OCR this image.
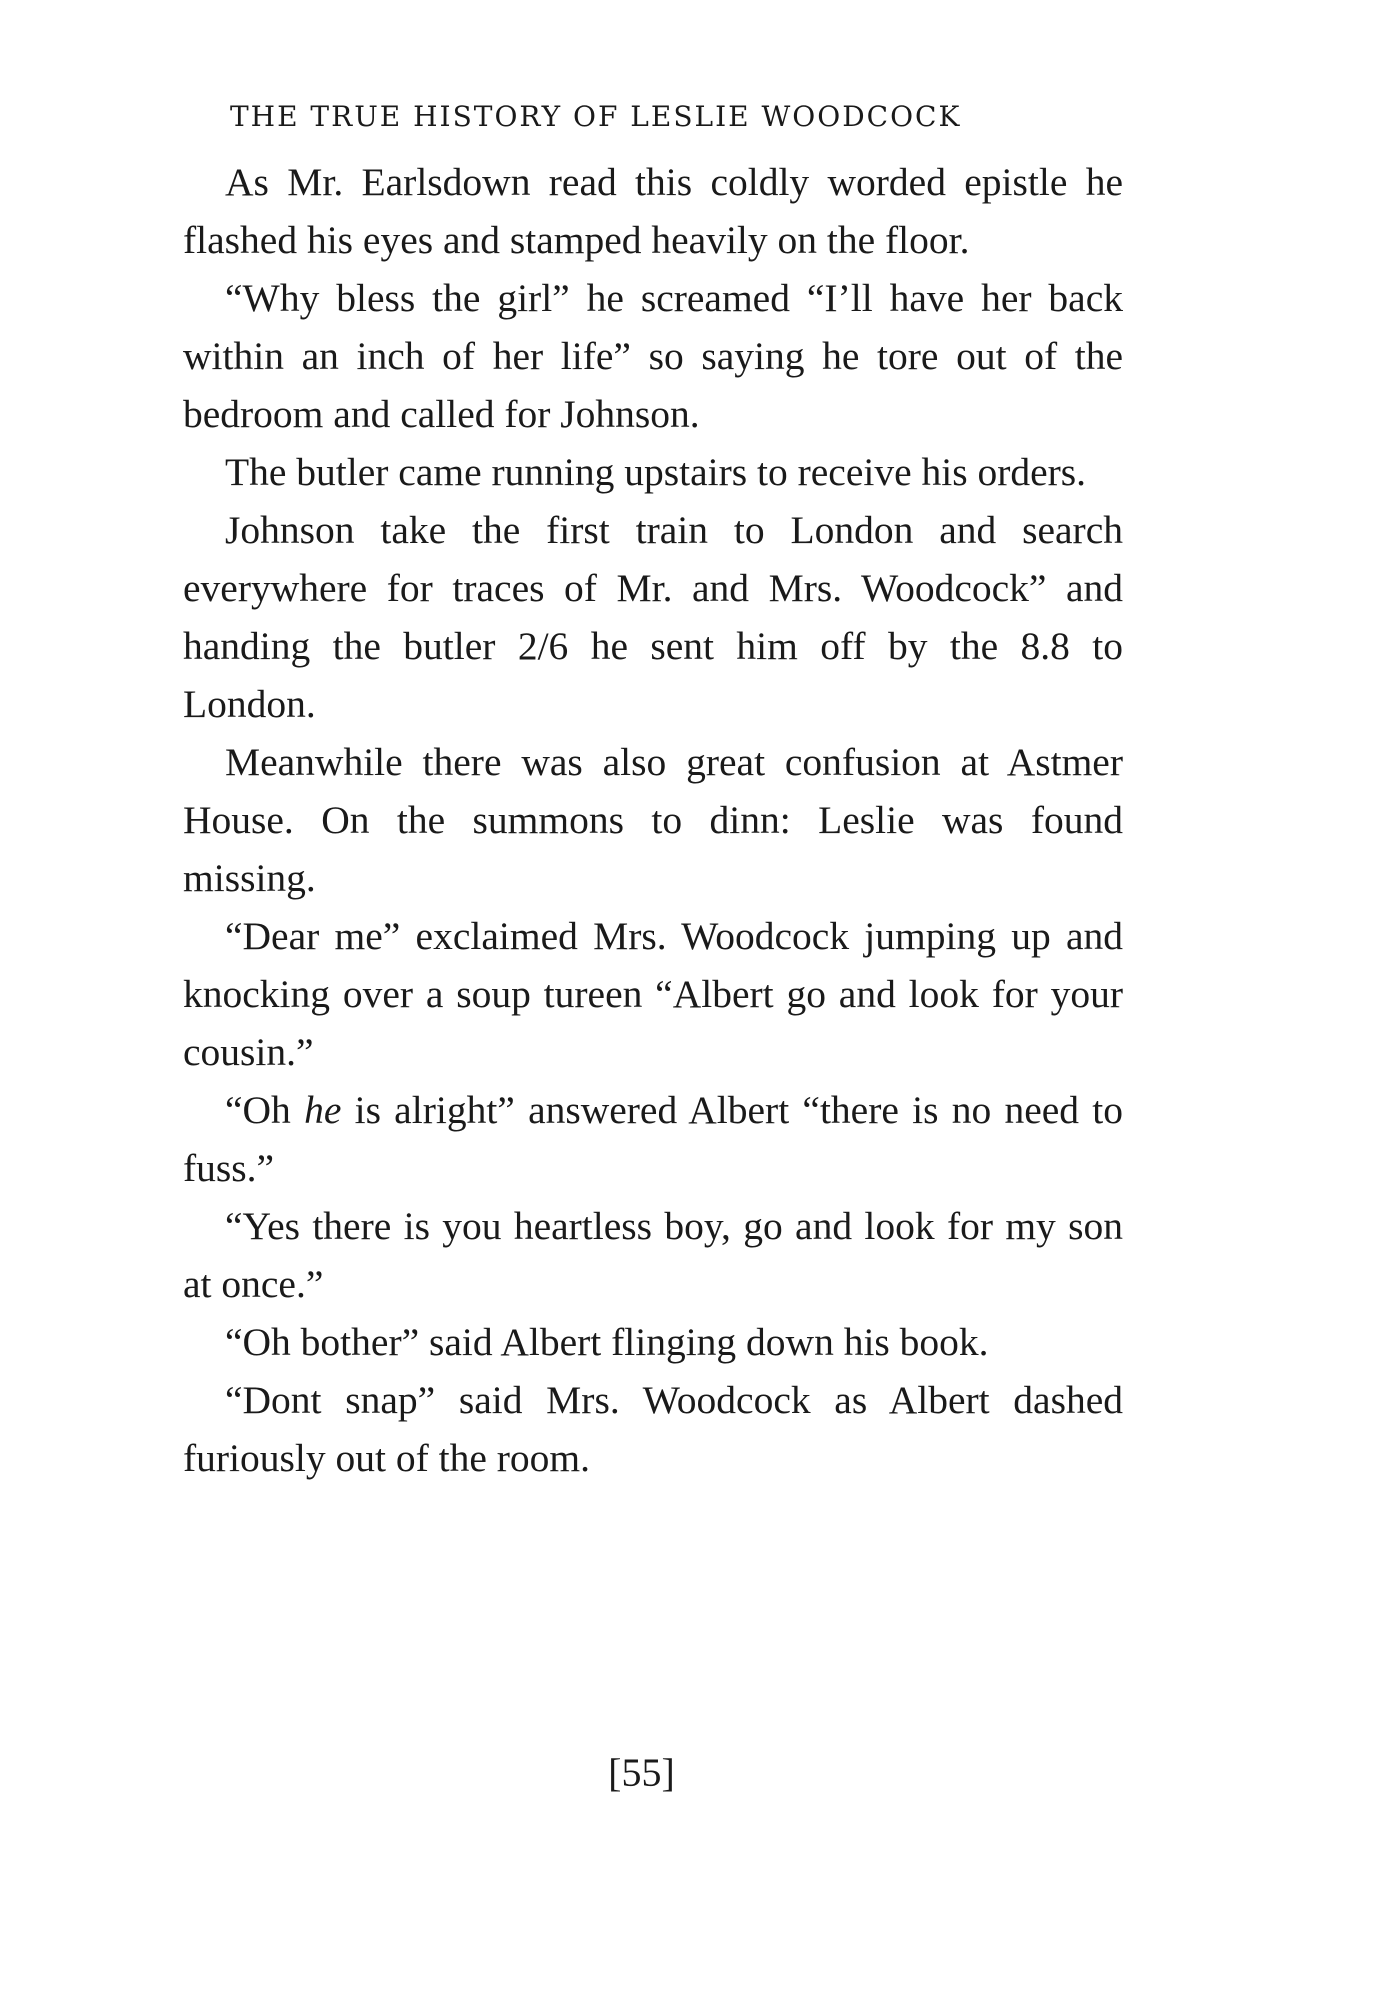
THE TRUE HISTORY OF LESLIE WOODCOCK

As Mr. Earlsdown read this coldly worded epistle he flashed his eyes and stamped heavily on the floor.

“Why bless the girl” he screamed “I’ll have her back within an inch of her life” so saying he tore out of the bedroom and called for Johnson.

The butler came running upstairs to receive his orders.

Johnson take the first train to London and search everywhere for traces of Mr. and Mrs. Woodcock” and handing the butler 2/6 he sent him off by the 8.8 to London.

Meanwhile there was also great confusion at Astmer House. On the summons to dinn: Leslie was found missing.

“Dear me” exclaimed Mrs. Woodcock jumping up and knocking over a soup tureen “Albert go and look for your cousin.”

“Oh he is alright” answered Albert “there is no need to fuss.”

“Yes there is you heartless boy, go and look for my son at once.”

“Oh bother” said Albert flinging down his book.

“Dont snap” said Mrs. Woodcock as Albert dashed furiously out of the room.

[55]
